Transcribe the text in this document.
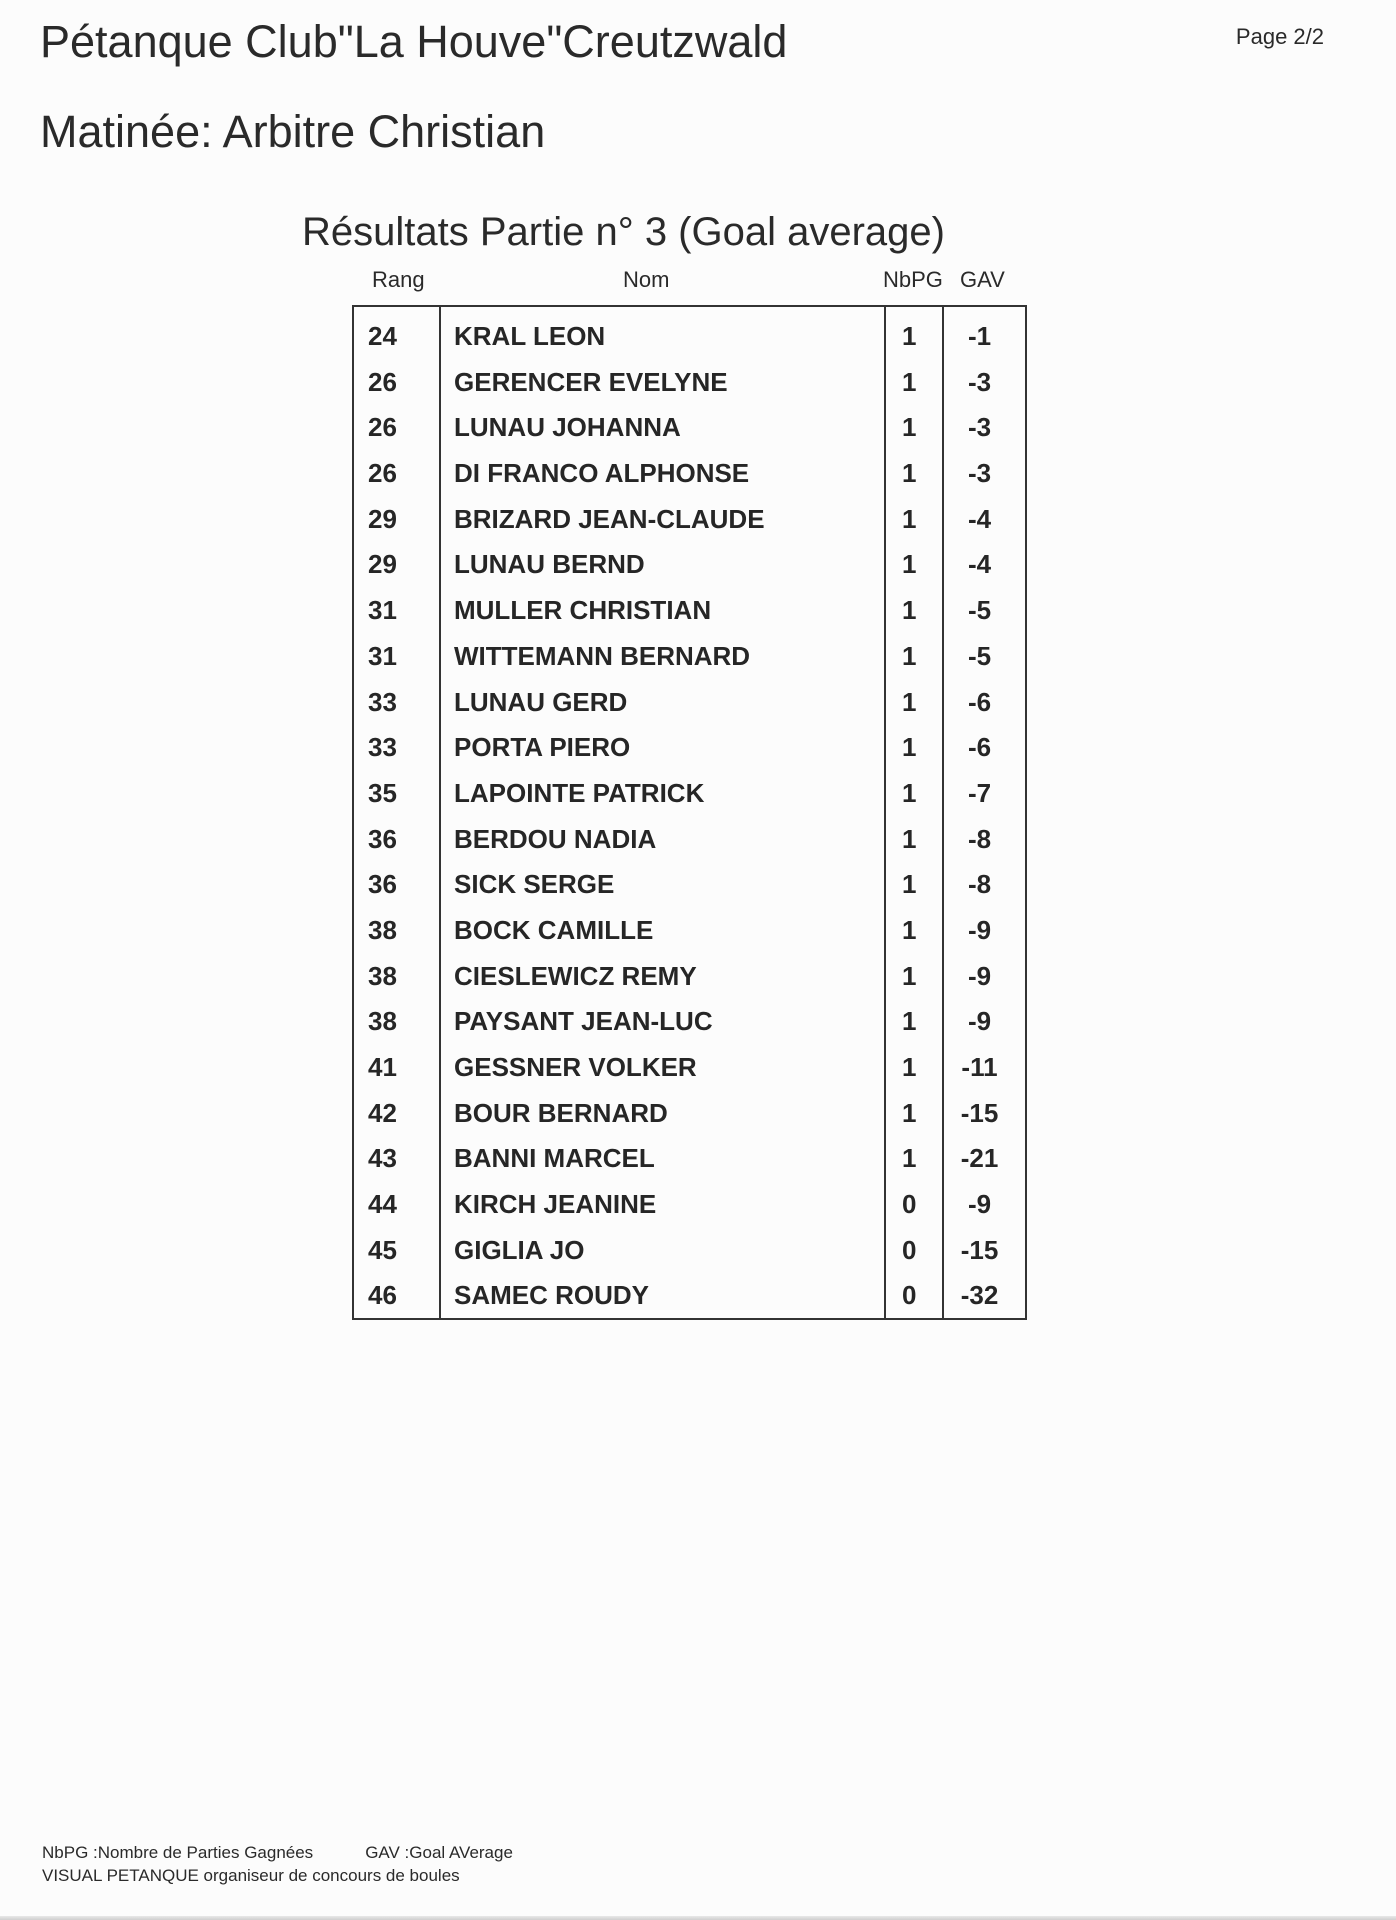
Pétanque Club"La Houve"Creutzwald	Page 2/2
Matinée: Arbitre Christian
Résultats Partie n° 3 (Goal average)
Rang	Nom	NbPG GAV
24 KRAL LEON	1	-1
26 GERENCER EVELYNE	1	-3
26 LUNAU JOHANNA	1	-3
26 DI FRANCO ALPHONSE	1	-3
29 BRIZARD JEAN-CLAUDE	1	-4
29 LUNAU BERND	1	-4
31 MULLER CHRISTIAN	1	-5
31 WITTEMANN BERNARD	1	-5
33 LUNAU GERD	1	-6
33 PORTA PIERO	1	-6
35 LAPOINTE PATRICK	1	-7
36 BERDOU NADIA	1	-8
36 SICK SERGE	1	-8
38 BOCK CAMILLE	1	-9
38 CIESLEWICZ REMY	1	-9
38 PAYSANT JEAN-LUC	1	-9
41 GESSNER VOLKER	1	-11
42 BOUR BERNARD	1	-15
43 BANNI MARCEL	1	-21
44 KIRCH JEANINE	0	-9
45 GIGLIA JO	0	-15
46 SAMEC ROUDY	0	-32
NbPG :Nombre de Parties Gagnées	GAV :Goal AVerage
VISUAL PETANQUE organiseur de concours de boules
